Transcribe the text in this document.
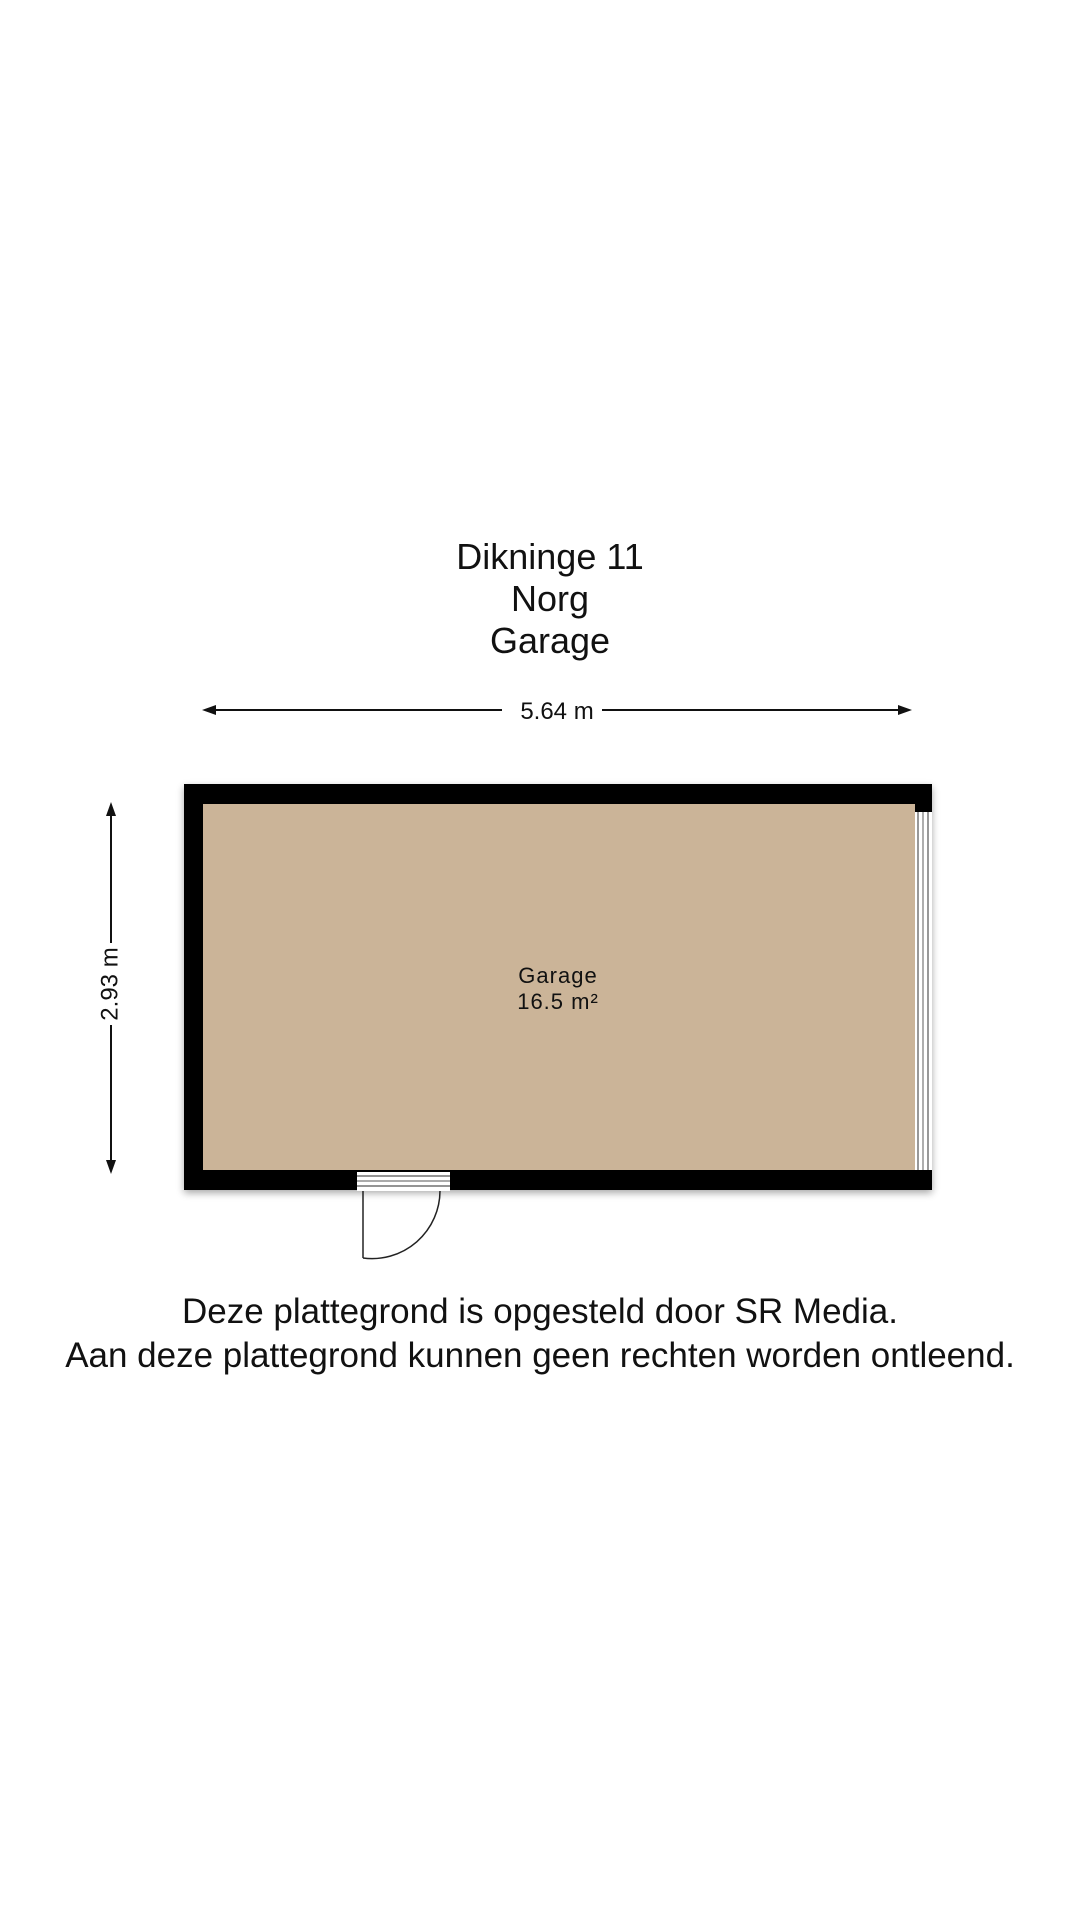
Dikninge 11
Norg
Garage
5.64 m
2.93 m	Garage
16.5 m²
Deze plattegrond is opgesteld door SR Media.
Aan deze plattegrond kunnen geen rechten worden ontleend.
